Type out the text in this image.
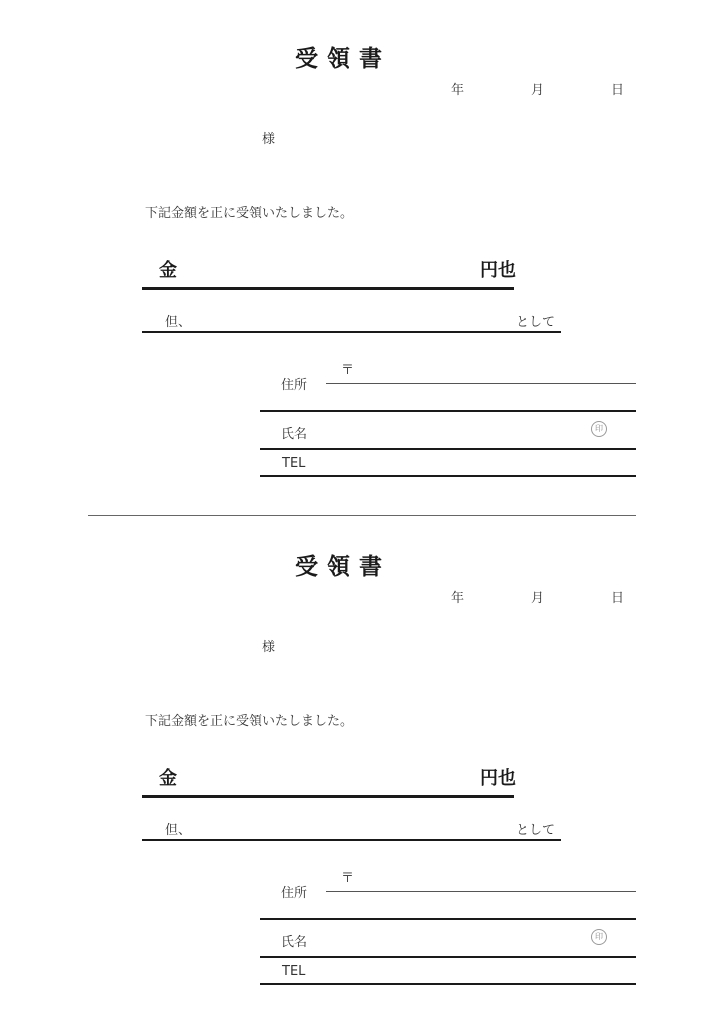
受領書
年	月	日
様
下記金額を正に受領いたしました。
金	円也
但、	として
〒
住所
氏名	印
TEL
受領書
年	月	日
様
下記金額を正に受領いたしました。
金	円也
但、	として
〒
住所
氏名	印
TEL
